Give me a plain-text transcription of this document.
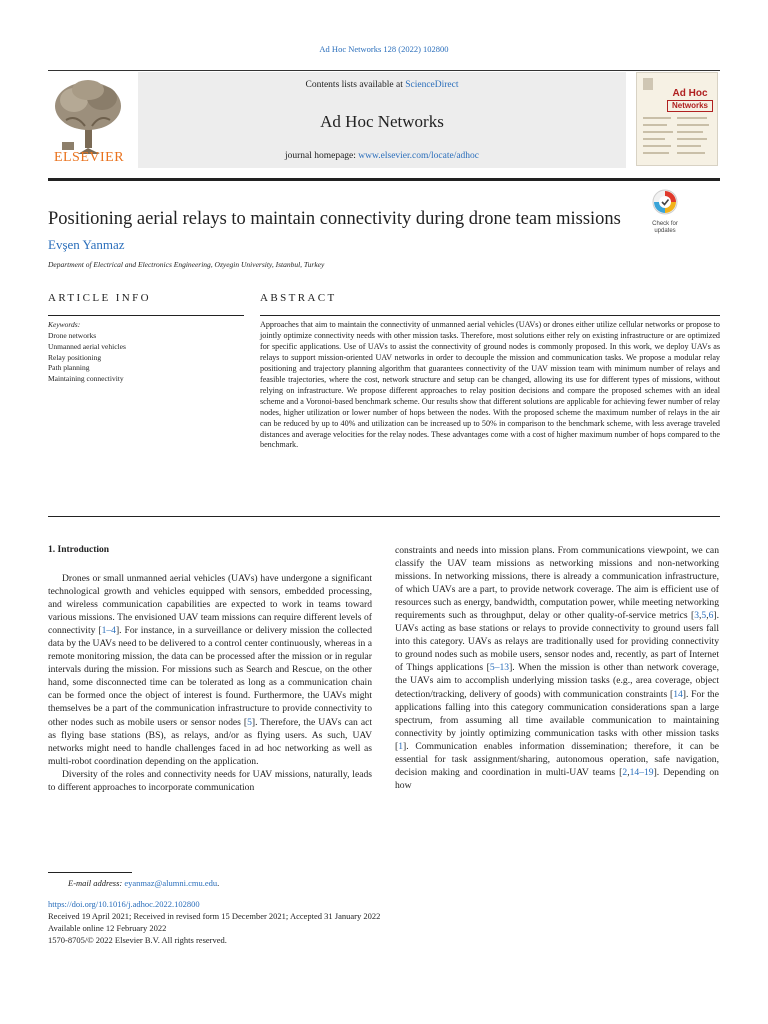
Ad Hoc Networks 128 (2022) 102800
ELSEVIER
Contents lists available at ScienceDirect
Ad Hoc Networks
journal homepage: www.elsevier.com/locate/adhoc
Ad Hoc
Networks
Positioning aerial relays to maintain connectivity during drone team missions	Check for
updates
Evşen Yanmaz
Department of Electrical and Electronics Engineering, Ozyegin University, Istanbul, Turkey
ARTICLE INFO	ABSTRACT
Keywords:
Drone networks
Unmanned aerial vehicles
Relay positioning
Path planning
Maintaining connectivity
Approaches that aim to maintain the connectivity of unmanned aerial vehicles (UAVs) or drones either utilize cellular networks or propose to jointly optimize connectivity needs with other mission tasks. Therefore, most solutions either rely on existing infrastructure or are optimized for specific applications. Use of UAVs to assist the connectivity of ground nodes is commonly proposed. In this work, we deploy UAVs as relays to support mission-oriented UAV networks in order to decouple the mission and communication tasks. We propose a modular relay positioning and trajectory planning algorithm that guarantees connectivity of the UAV mission team with minimum number of relays and feasible trajectories, where the cost, network structure and setup can be changed, allowing its use for different types of missions, without relying on infrastructure. We propose different approaches to relay position decisions and compare the proposed schemes with an ideal scheme and a Voronoi-based benchmark scheme. Our results show that different solutions are applicable for achieving fewer number of relay nodes, higher utilization or lower number of hops between the nodes. With the proposed scheme the maximum number of relays in the air can be reduced by up to 40% and utilization can be increased up to 50% in comparison to the benchmark scheme, with less average traveled distances and average velocities for the relay nodes. These advantages come with a cost of higher maximum number of hops compared to the benchmark.
1. Introduction

Drones or small unmanned aerial vehicles (UAVs) have undergone a significant technological growth and vehicles equipped with sensors, embedded processing, and wireless communication capabilities are expected to work in teams toward various missions. The envisioned UAV team missions can require different levels of connectivity [1–4]. For instance, in a surveillance or delivery mission the collected data by the UAVs need to be delivered to a control center continuously, whereas in a remote monitoring mission, the data can be processed after the mission or in regular intervals during the mission. For missions such as Search and Rescue, on the other hand, some disconnected time can be tolerated as long as a communication chain can be formed once the object of interest is found. Furthermore, the UAVs might themselves be a part of the communication infrastructure to provide connectivity to other nodes such as mobile users or sensor nodes [5]. Therefore, the UAVs can act as flying base stations (BS), as relays, and/or as flying users. As such, UAV networks might need to handle challenges faced in ad hoc networking as well as multi-robot coordination depending on the application.

Diversity of the roles and connectivity needs for UAV missions, naturally, leads to different approaches to incorporate communication

constraints and needs into mission plans. From communications viewpoint, we can classify the UAV team missions as networking missions and non-networking missions. In networking missions, there is already a communication infrastructure, of which UAVs are a part, to provide network coverage. The aim is efficient use of resources such as energy, bandwidth, computation power, while meeting networking requirements such as throughput, delay or other quality-of-service metrics [3,5,6]. UAVs acting as base stations or relays to provide connectivity to ground users fall into this category. UAVs as relays are traditionally used for providing connectivity to ground nodes such as mobile users, sensor nodes and, recently, as part of Internet of Things applications [5–13]. When the mission is other than network coverage, the UAVs aim to accomplish underlying mission tasks (e.g., area coverage, object detection/tracking, delivery of goods) with communication constraints [14]. For the applications falling into this category communication considerations span a large spectrum, from assuming all time available communication to maintaining connectivity by jointly optimizing communication tasks with other mission tasks [1]. Communication enables information dissemination; therefore, it can be essential for task assignment/sharing, autonomous operation, safe navigation, decision making and coordination in multi-UAV teams [2,14–19]. Depending on how
E-mail address: eyanmaz@alumni.cmu.edu.
https://doi.org/10.1016/j.adhoc.2022.102800
Received 19 April 2021; Received in revised form 15 December 2021; Accepted 31 January 2022
Available online 12 February 2022
1570-8705/© 2022 Elsevier B.V. All rights reserved.
